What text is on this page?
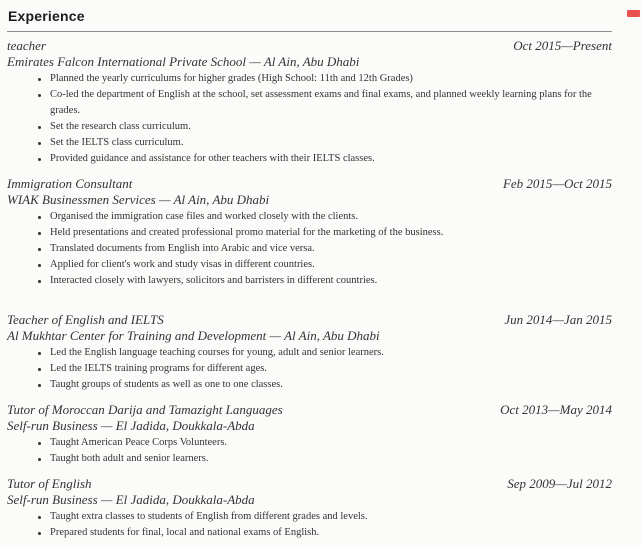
Experience
teacher	Oct 2015—Present
Emirates Falcon International Private School — Al Ain, Abu Dhabi
Planned the yearly curriculums for higher grades (High School: 11th and 12th Grades)
Co-led the department of English at the school, set assessment exams and final exams, and planned weekly learning plans for the grades.
Set the research class curriculum.
Set the IELTS class curriculum.
Provided guidance and assistance for other teachers with their IELTS classes.
Immigration Consultant	Feb 2015—Oct 2015
WIAK Businessmen Services — Al Ain, Abu Dhabi
Organised the immigration case files and worked closely with the clients.
Held presentations and created professional promo material for the marketing of the business.
Translated documents from English into Arabic and vice versa.
Applied for client's work and study visas in different countries.
Interacted closely with lawyers, solicitors and barristers in different countries.
Teacher of English and IELTS	Jun 2014—Jan 2015
Al Mukhtar Center for Training and Development — Al Ain, Abu Dhabi
Led the English language teaching courses for young, adult and senior learners.
Led the IELTS training programs for different ages.
Taught groups of students as well as one to one classes.
Tutor of Moroccan Darija and Tamazight Languages	Oct 2013—May 2014
Self-run Business — El Jadida, Doukkala-Abda
Taught American Peace Corps Volunteers.
Taught both adult and senior learners.
Tutor of English	Sep 2009—Jul 2012
Self-run Business — El Jadida, Doukkala-Abda
Taught extra classes to students of English from different grades and levels.
Prepared students for final, local and national exams of English.
